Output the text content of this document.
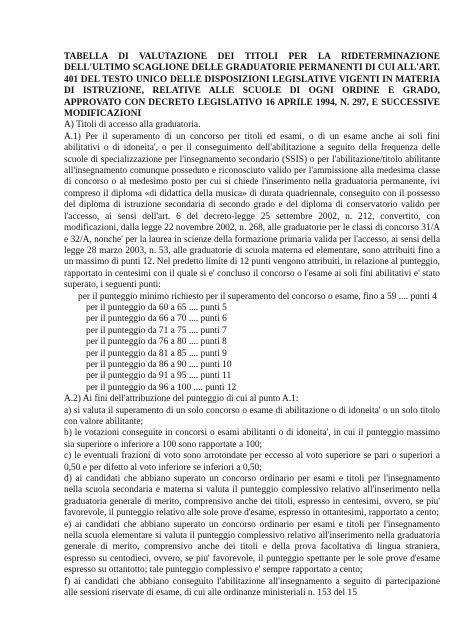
TABELLA DI VALUTAZIONE DEI TITOLI PER LA RIDETERMINAZIONE DELL'ULTIMO SCAGLIONE DELLE GRADUATORIE PERMANENTI DI CUI ALL'ART. 401 DEL TESTO UNICO DELLE DISPOSIZIONI LEGISLATIVE VIGENTI IN MATERIA DI ISTRUZIONE, RELATIVE ALLE SCUOLE DI OGNI ORDINE E GRADO, APPROVATO CON DECRETO LEGISLATIVO 16 APRILE 1994, N. 297, E SUCCESSIVE MODIFICAZIONI

A) Titoli di accesso alla graduatoria.

A.1) Per il superamento di un concorso per titoli ed esami, o di un esame anche ai soli fini abilitativi o di idoneita', o per il conseguimento dell'abilitazione a seguito della frequenza delle scuole di specializzazione per l'insegnamento secondario (SSIS) o per l'abilitazione/titolo abilitante all'insegnamento comunque posseduto e riconosciuto valido per l'ammissione alla medesima classe di concorso o al medesimo posto per cui si chiede l'inserimento nella graduatoria permanente, ivi compreso il diploma «di didattica della musica» di durata quadriennale, conseguito con il possesso del diploma di istruzione secondaria di secondo grado e del diploma di conservatorio valido per l'accesso, ai sensi dell'art. 6 del decreto-legge 25 settembre 2002, n. 212, convertito, con modificazioni, dalla legge 22 novembre 2002, n. 268, alle graduatorie per le classi di concorso 31/A e 32/A, nonche' per la laurea in scienze della formazione primaria valida per l'accesso, ai sensi della legge 28 marzo 2003, n. 53, alle graduatorie di scuola materna ed elementare, sono attribuiti fino a un massimo di punti 12. Nel predetto limite di 12 punti vengono attribuiti, in relazione al punteggio, rapportato in centesimi con il quale si e' concluso il concorso o l'esame ai soli fini abilitativi e' stato superato, i seguenti punti:

per il punteggio minimo richiesto per il superamento del concorso o esame, fino a 59 .... punti 4

per il punteggio da 60 a 65 .... punti 5
per il punteggio da 66 a 70 .... punti 6
per il punteggio da 71 a 75 .... punti 7
per il punteggio da 76 a 80 .... punti 8
per il punteggio da 81 a 85 .... punti 9
per il punteggio da 86 a 90 .... punti 10
per il punteggio da 91 a 95 .... punti 11
per il punteggio da 96 a 100 .... punti 12

A.2) Ai fini dell'attribuzione del punteggio di cui al punto A.1:

a) si valuta il superamento di un solo concorso o esame di abilitazione o di idoneita' o un solo titolo con valore abilitante;

b) le votazioni conseguite in concorsi o esami abilitanti o di idoneita', in cui il punteggio massimo sia superiore o inferiore a 100 sono rapportate a 100;

c) le eventuali frazioni di voto sono arrotondate per eccesso al voto superiore se pari o superiori a 0,50 e per difetto al voto inferiore se inferiori a 0,50;

d) ai candidati che abbiano superato un concorso ordinario per esami e titoli per l'insegnamento nella scuola secondaria e materna si valuta il punteggio complessivo relativo all'inserimento nella graduatoria generale di merito, comprensivo anche dei titoli, espresso in centesimi, ovvero, se piu' favorevole, il punteggio relativo alle sole prove d'esame, espresso in ottantesimi, rapportato a cento;

e) ai candidati che abbiano superato un concorso ordinario per esami e titoli per l'insegnamento nella scuola elementare si valuta il punteggio complessivo relativo all'inserimento nella graduatoria generale di merito, comprensivo anche dei titoli e della prova facoltativa di lingua straniera, espresso su centodieci, ovvero, se piu' favorevole, il punteggio spettante per le sole prove d'esame espresso su ottantotto; tale punteggio complessivo e' sempre rapportato a cento;

f) ai candidati che abbiano conseguito l'abilitazione all'insegnamento a seguito di partecipazione alle sessioni riservate di esame, di cui alle ordinanze ministeriali n. 153 del 15
